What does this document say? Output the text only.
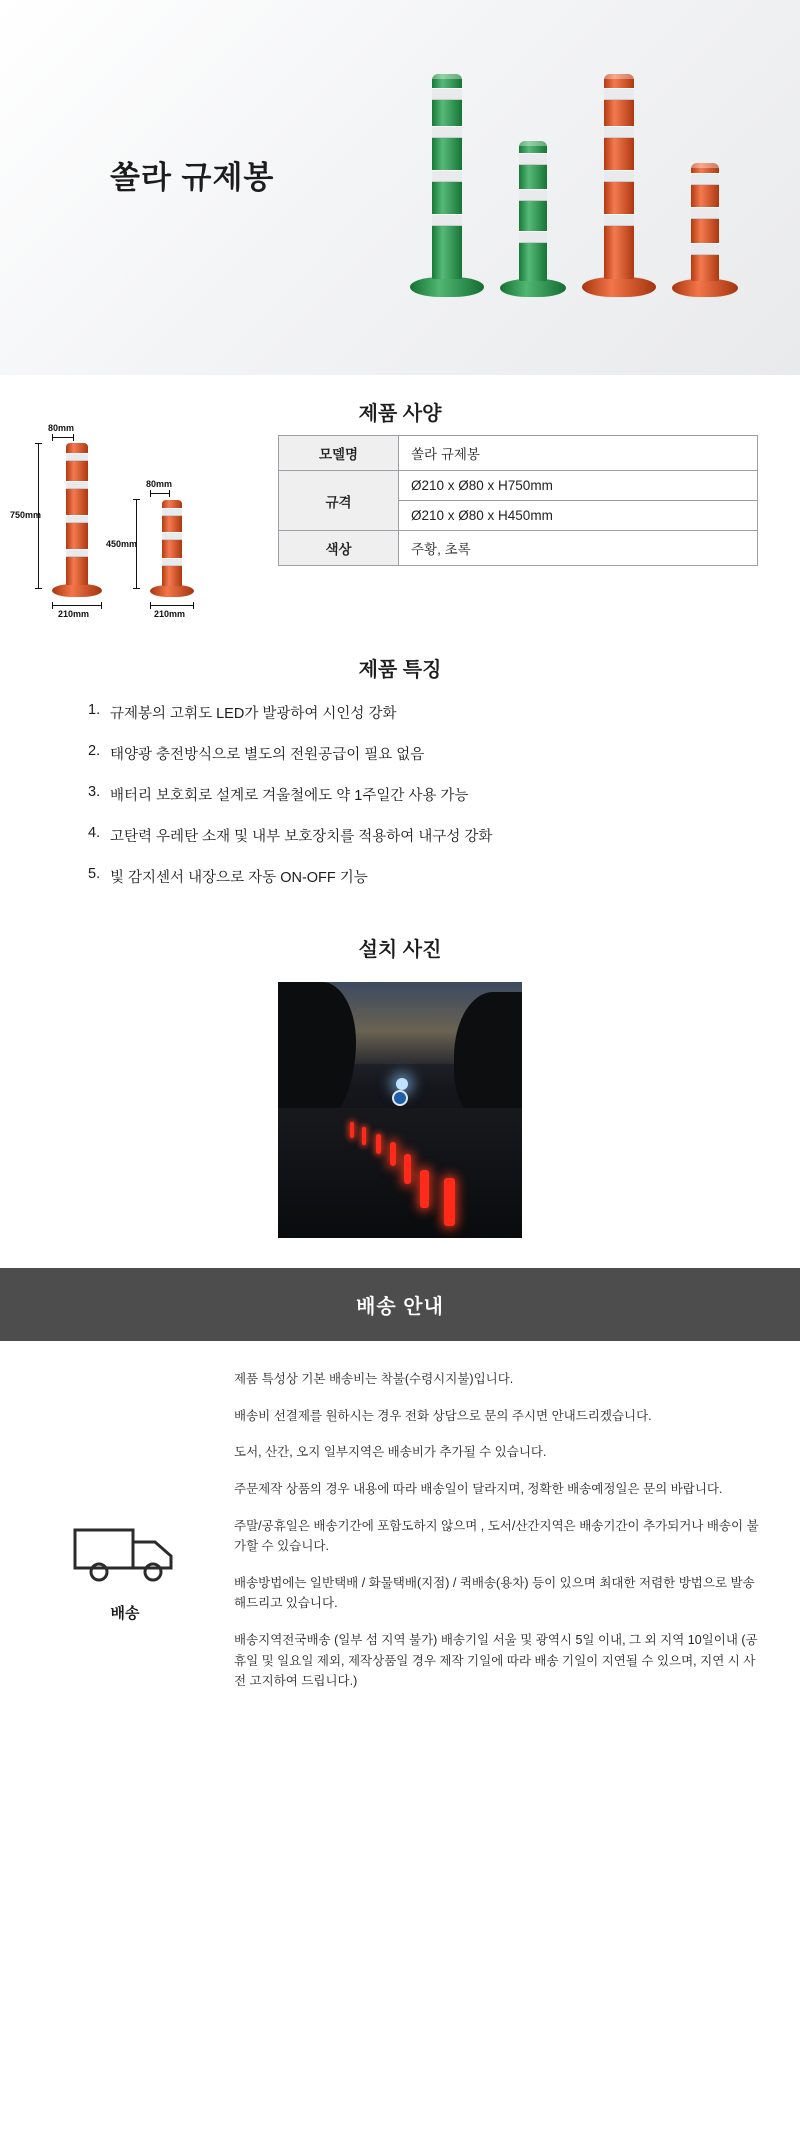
쏠라 규제봉
제품 사양
80mm
750mm
210mm
80mm
450mm
210mm
모델명	쏠라 규제봉
규격	Ø210 x Ø80 x H750mm
	Ø210 x Ø80 x H450mm
색상	주황, 초록
제품 특징
규제봉의 고휘도 LED가 발광하여 시인성 강화
태양광 충전방식으로 별도의 전원공급이 필요 없음
배터리 보호회로 설계로 겨울철에도 약 1주일간 사용 가능
고탄력 우레탄 소재 및 내부 보호장치를 적용하여 내구성 강화
빛 감지센서 내장으로 자동 ON-OFF 기능
설치 사진
배송 안내
배송

제품 특성상 기본 배송비는 착불(수령시지불)입니다.

배송비 선결제를 원하시는 경우 전화 상담으로 문의 주시면 안내드리겠습니다.

도서, 산간, 오지 일부지역은 배송비가 추가될 수 있습니다.

주문제작 상품의 경우 내용에 따라 배송일이 달라지며, 정확한 배송예정일은 문의 바랍니다.

주말/공휴일은 배송기간에 포함도하지 않으며 , 도서/산간지역은 배송기간이 추가되거나 배송이 불가할 수 있습니다.

배송방법에는 일반택배 / 화물택배(지점) / 퀵배송(용차) 등이 있으며 최대한 저렴한 방법으로 발송해드리고 있습니다.

배송지역전국배송 (일부 섬 지역 불가) 배송기일 서울 및 광역시 5일 이내, 그 외 지역 10일이내 (공휴일 및 일요일 제외, 제작상품일 경우 제작 기일에 따라 배송 기일이 지연될 수 있으며, 지연 시 사전 고지하여 드립니다.)
